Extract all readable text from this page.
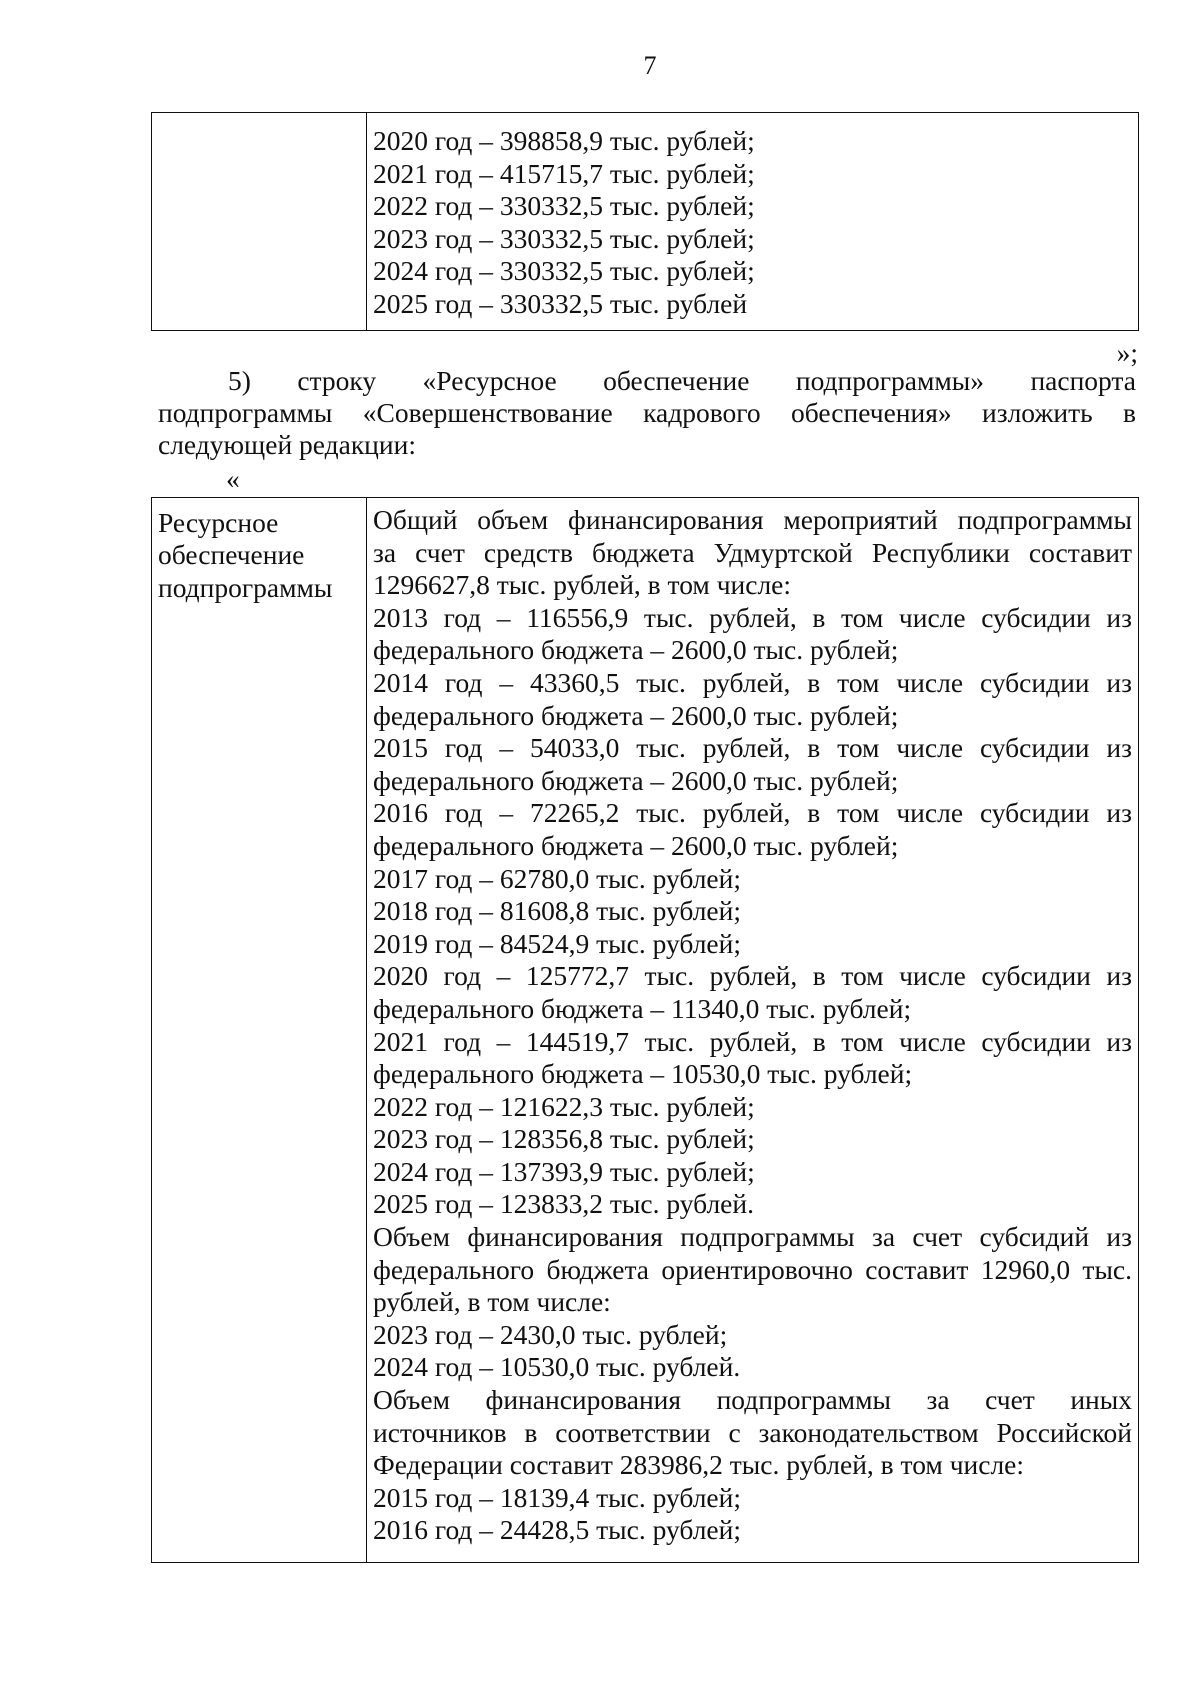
7
2020 год – 398858,9 тыс. рублей;
2021 год – 415715,7 тыс. рублей;
2022 год – 330332,5 тыс. рублей;
2023 год – 330332,5 тыс. рублей;
2024 год – 330332,5 тыс. рублей;
2025 год – 330332,5 тыс. рублей
»;
5) строку «Ресурсное обеспечение подпрограммы» паспорта
подпрограммы «Совершенствование кадрового обеспечения» изложить в
следующей редакции:
«
Ресурсное
обеспечение
подпрограммы
Общий объем финансирования мероприятий подпрограммы
за счет средств бюджета Удмуртской Республики составит
1296627,8 тыс. рублей, в том числе:
2013 год – 116556,9 тыс. рублей, в том числе субсидии из
федерального бюджета – 2600,0 тыс. рублей;
2014 год – 43360,5 тыс. рублей, в том числе субсидии из
федерального бюджета – 2600,0 тыс. рублей;
2015 год – 54033,0 тыс. рублей, в том числе субсидии из
федерального бюджета – 2600,0 тыс. рублей;
2016 год – 72265,2 тыс. рублей, в том числе субсидии из
федерального бюджета – 2600,0 тыс. рублей;
2017 год – 62780,0 тыс. рублей;
2018 год – 81608,8 тыс. рублей;
2019 год – 84524,9 тыс. рублей;
2020 год – 125772,7 тыс. рублей, в том числе субсидии из
федерального бюджета – 11340,0 тыс. рублей;
2021 год – 144519,7 тыс. рублей, в том числе субсидии из
федерального бюджета – 10530,0 тыс. рублей;
2022 год – 121622,3 тыс. рублей;
2023 год – 128356,8 тыс. рублей;
2024 год – 137393,9 тыс. рублей;
2025 год – 123833,2 тыс. рублей.
Объем финансирования подпрограммы за счет субсидий из
федерального бюджета ориентировочно составит 12960,0 тыс.
рублей, в том числе:
2023 год – 2430,0 тыс. рублей;
2024 год – 10530,0 тыс. рублей.
Объем финансирования подпрограммы за счет иных
источников в соответствии с законодательством Российской
Федерации составит 283986,2 тыс. рублей, в том числе:
2015 год – 18139,4 тыс. рублей;
2016 год – 24428,5 тыс. рублей;
